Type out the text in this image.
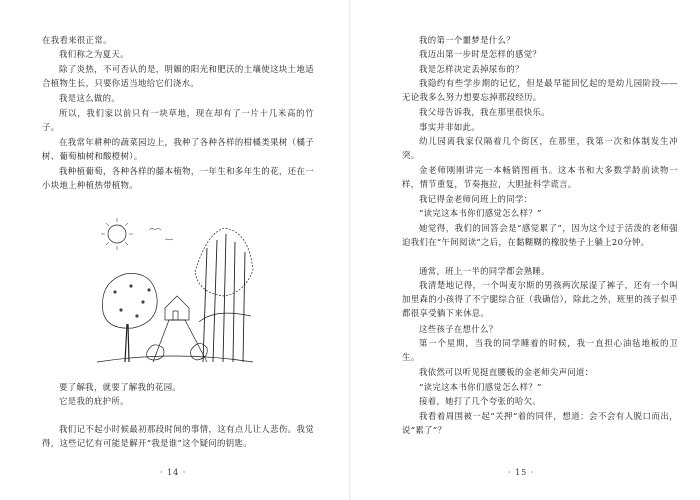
在我看来很正常。

我们称之为夏天。

除了炎热，不可否认的是，明媚的阳光和肥沃的土壤使这块土地适合植物生长，只要你适当地给它们浇水。

我是这么做的。

所以，我们家以前只有一块草地，现在却有了一片十几米高的竹子。

在我常年耕种的蔬菜园边上，我种了各种各样的柑橘类果树（橘子树、葡萄柚树和酸橙树）。

我种植葡萄，各种各样的藤本植物，一年生和多年生的花，还在一小块地上种植热带植物。

要了解我，就要了解我的花园。

它是我的庇护所。

我们记不起小时候最初那段时间的事情，这有点儿让人悲伤。我觉得，这些记忆有可能是解开“我是谁”这个疑问的钥匙。

· 14 ·

我的第一个噩梦是什么？

我迈出第一步时是怎样的感觉？

我是怎样决定丢掉尿布的？

我隐约有些学步期的记忆，但是最早能回忆起的是幼儿园阶段——无论我多么努力想要忘掉那段经历。

我父母告诉我，我在那里很快乐。

事实并非如此。

幼儿园离我家仅隔着几个街区，在那里，我第一次和体制发生冲突。

金老师刚刚讲完一本畅销图画书。这本书和大多数学龄前读物一样，情节重复，节奏拖拉，大胆扯科学谎言。

我记得金老师问班上的同学：

“读完这本书你们感觉怎么样？”

她觉得，我们的回答会是“感觉累了”，因为这个过于活泼的老师强迫我们在“午间阅读”之后，在黏糊糊的橡胶垫子上躺上20分钟。

通常，班上一半的同学都会熟睡。

我清楚地记得，一个叫麦尔斯的男孩两次尿湿了裤子，还有一个叫加里森的小孩得了不宁腿综合征（我确信），除此之外，班里的孩子似乎都很享受躺下来休息。

这些孩子在想什么？

第一个星期，当我的同学睡着的时候，我一直担心油毡地板的卫生。

我依然可以听见挺直腰板的金老师尖声问道：

“读完这本书你们感觉怎么样？”

接着，她打了几个夸张的哈欠。

我看着周围被一起“关押”着的同伴，想道：会不会有人脱口而出，说“累了”？

· 15 ·
